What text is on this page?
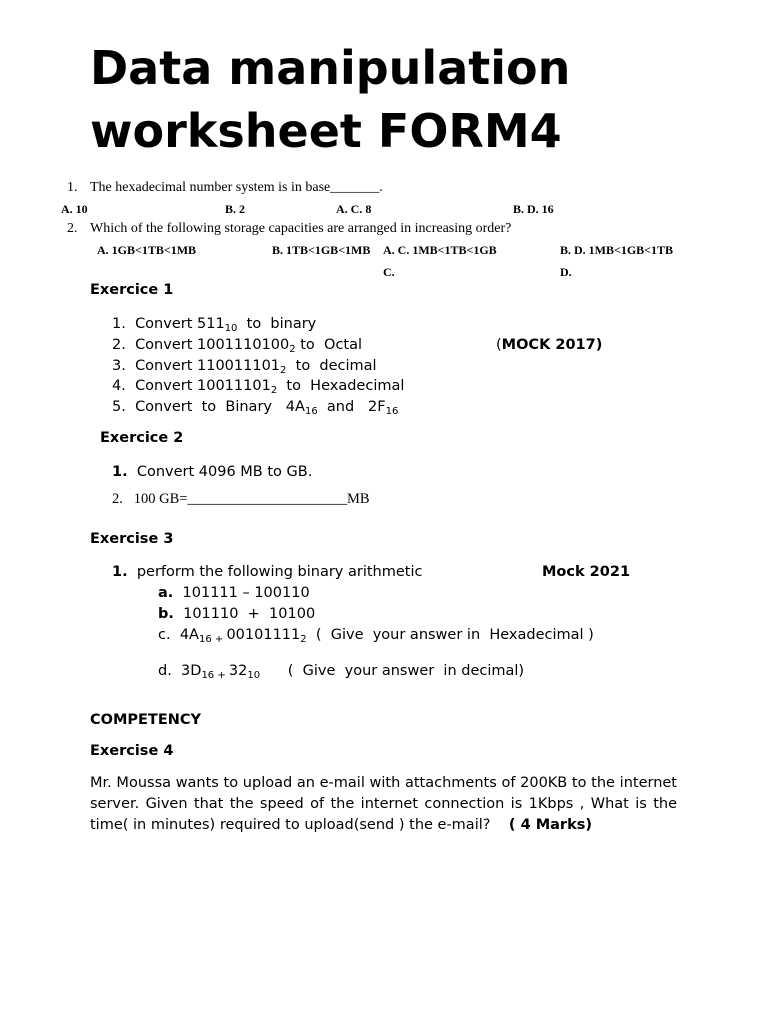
Data manipulation
worksheet FORM4
1. The hexadecimal number system is in base_______.
A. 10	B. 2	A. C. 8	B. D. 16
2. Which of the following storage capacities are arranged in increasing order?
A. 1GB<1TB<1MB	B. 1TB<1GB<1MB A. C. 1MB<1TB<1GB	B. D. 1MB<1GB<1TB
C.	D.
Exercice 1
1. Convert $511_{10}$  to  binary
2. Convert $1001110100_2$ to  Octal	(MOCK 2017)
3. Convert $110011101_2$  to  decimal
4. Convert $10011101_2$  to  Hexadecimal
5. Convert  to  Binary   $4A_{16}$  and   $2F_{16}$
Exercice 2
1. Convert 4096 MB to GB.
2. 100 GB=______________________MB
Exercise 3
1. perform the following binary arithmetic	Mock 2021
a. 101111 – 100110
b. 101110  +  10100
c. $4A_{16}$ $_+$ $00101111_2$  (  Give  your answer in  Hexadecimal )
d. $3D_{16}$ $_+$ $32_{10}$      (  Give  your answer  in decimal)
COMPETENCY
Exercise 4
Mr. Moussa wants to upload an e-mail with attachments of 200KB to the internet server. Given that the speed of the internet connection is 1Kbps , What is the time( in minutes) required to upload(send ) the e-mail? ( 4 Marks)
